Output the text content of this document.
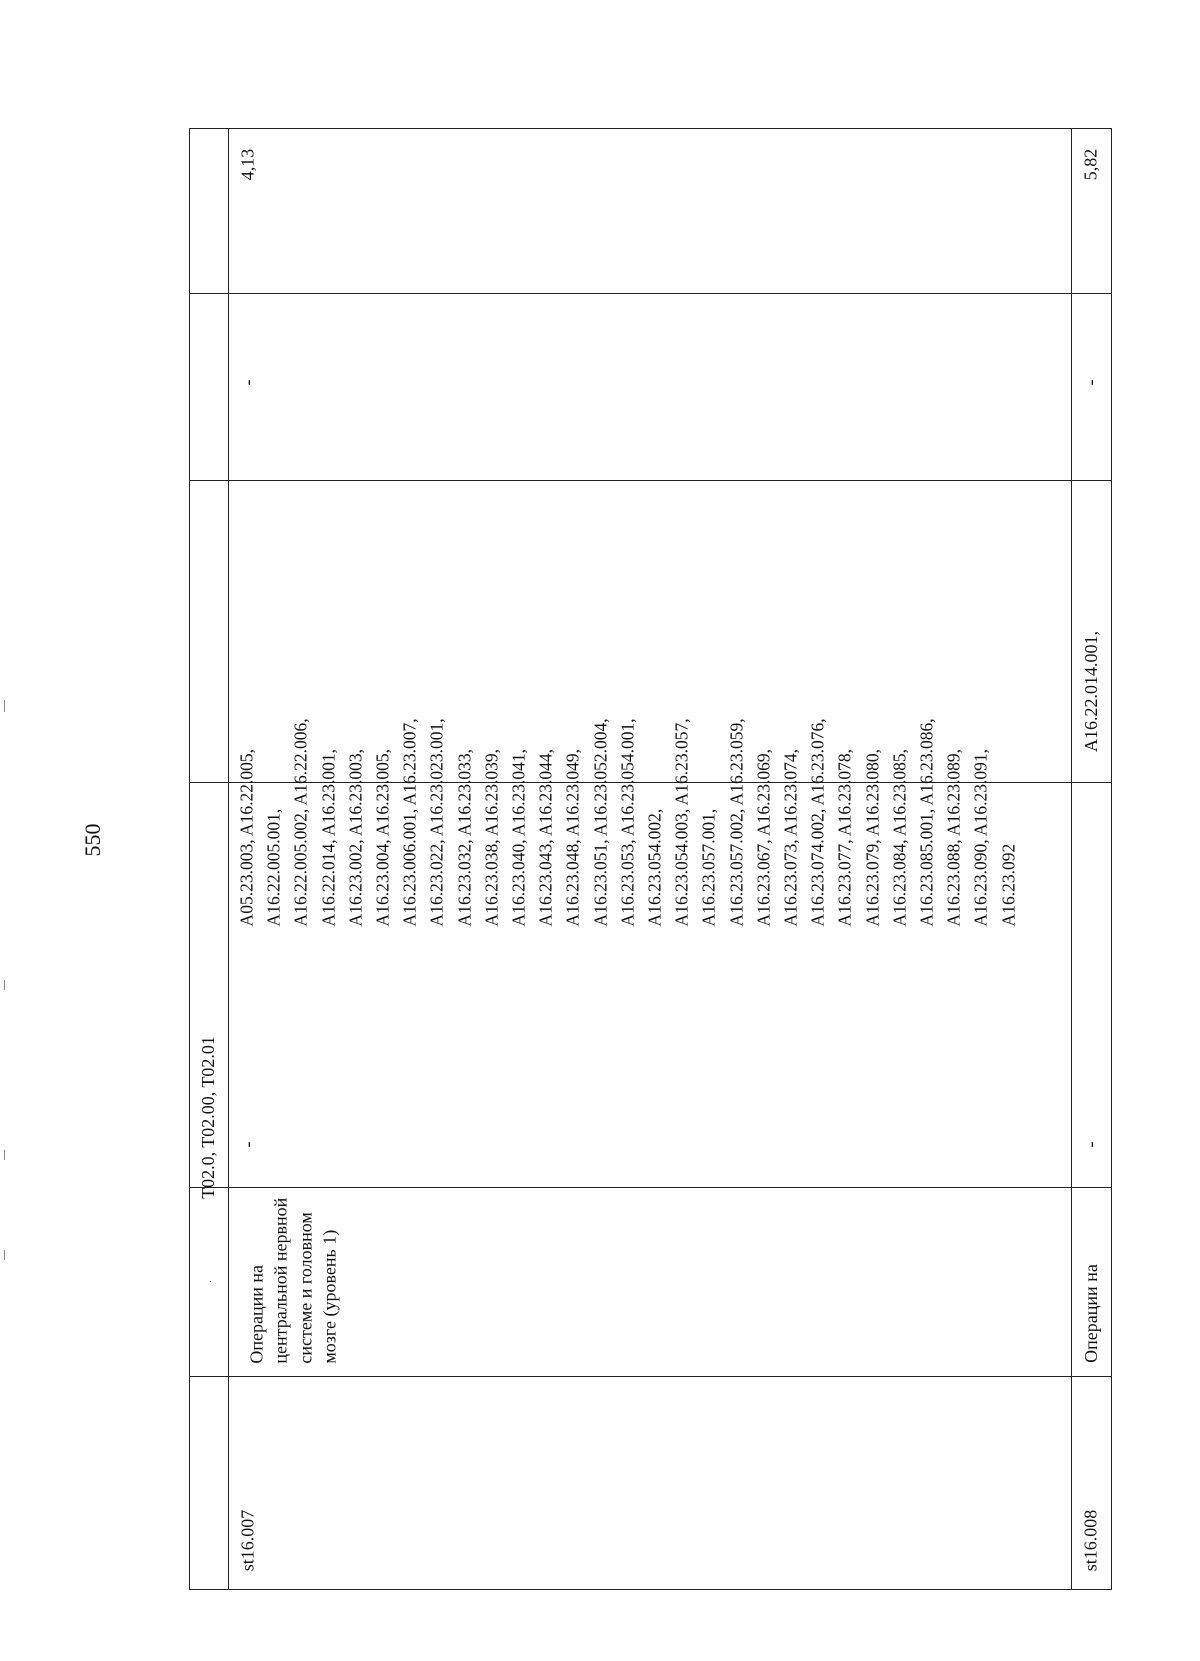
550
.
T02.0, T02.00, T02.01
st16.007
Операции на центральной нервной системе и головном мозге (уровень 1)
-
A05.23.003, A16.22.005, A16.22.005.001, A16.22.005.002, A16.22.006, A16.22.014, A16.23.001, A16.23.002, A16.23.003, A16.23.004, A16.23.005, A16.23.006.001, A16.23.007, A16.23.022, A16.23.023.001, A16.23.032, A16.23.033, A16.23.038, A16.23.039, A16.23.040, A16.23.041, A16.23.043, A16.23.044, A16.23.048, A16.23.049, A16.23.051, A16.23.052.004, A16.23.053, A16.23.054.001, A16.23.054.002, A16.23.054.003, A16.23.057, A16.23.057.001, A16.23.057.002, A16.23.059, A16.23.067, A16.23.069, A16.23.073, A16.23.074, A16.23.074.002, A16.23.076, A16.23.077, A16.23.078, A16.23.079, A16.23.080, A16.23.084, A16.23.085, A16.23.085.001, A16.23.086, A16.23.088, A16.23.089, A16.23.090, A16.23.091, A16.23.092
-
4,13
st16.008
Операции на
-
A16.22.014.001,
-
5,82
